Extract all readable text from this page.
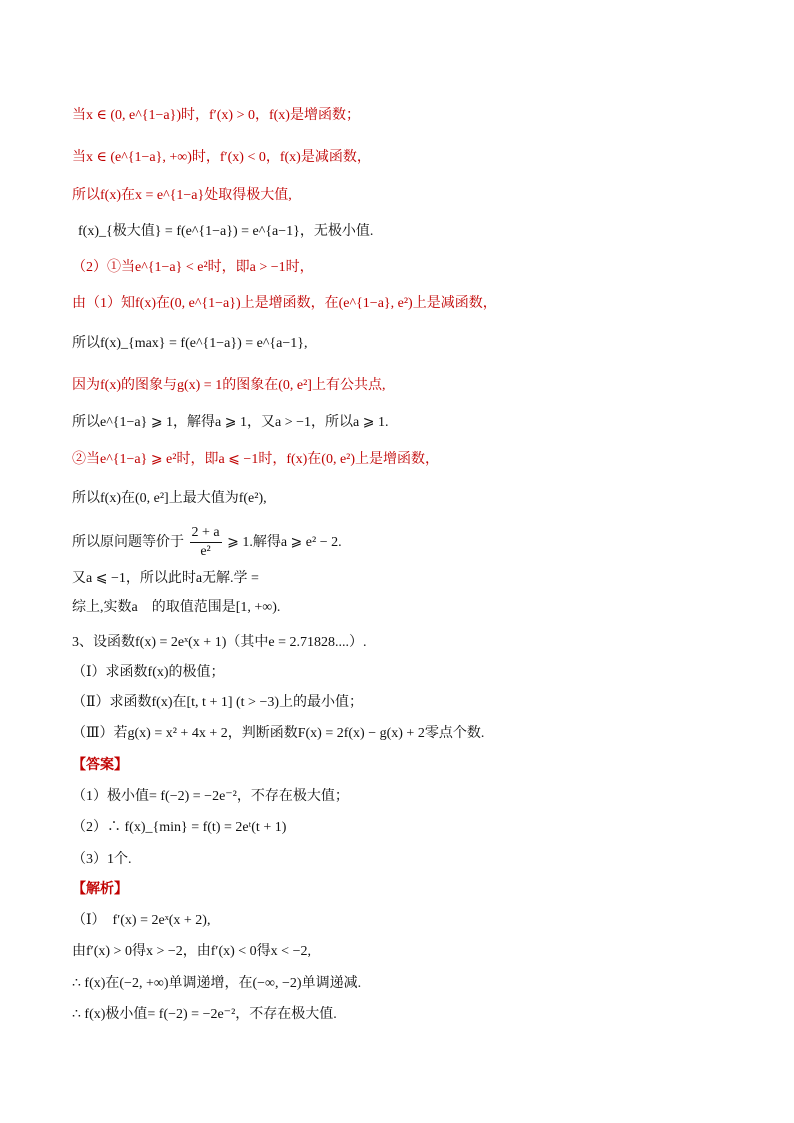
当x ∈ (0, e^{1−a})时，f′(x) > 0，f(x)是增函数；
当x ∈ (e^{1−a}, +∞)时，f′(x) < 0，f(x)是减函数，
所以f(x)在x = e^{1−a}处取得极大值,
f(x)_{极大值} = f(e^{1−a}) = e^{a−1}，无极小值.
（2）①当e^{1−a} < e²时，即a > −1时，
由（1）知f(x)在(0, e^{1−a})上是增函数，在(e^{1−a}, e²)上是减函数，
所以f(x)_{max} = f(e^{1−a}) = e^{a−1},
因为f(x)的图象与g(x) = 1的图象在(0, e²]上有公共点,
所以e^{1−a} ⩾ 1，解得a ⩾ 1，又a > −1，所以a ⩾ 1.
②当e^{1−a} ⩾ e²时，即a ⩽ −1时，f(x)在(0, e²)上是增函数，
所以f(x)在(0, e²]上最大值为f(e²),
所以原问题等价于 $\frac{2 + a}{\text{e²}}$ ⩾ 1.解得a ⩾ e² − 2.
又a ⩽ −1，所以此时a无解.学 =
综上,实数a　的取值范围是[1, +∞).
3、设函数f(x) = 2eˣ(x + 1)（其中e = 2.71828....）.
（Ⅰ）求函数f(x)的极值；
（Ⅱ）求函数f(x)在[t, t + 1] (t > −3)上的最小值；
（Ⅲ）若g(x) = x² + 4x + 2，判断函数F(x) = 2f(x) − g(x) + 2零点个数.
【答案】
（1）极小值= f(−2) = −2e⁻²，不存在极大值；
（2）∴ f(x)_{min} = f(t) = 2eᵗ(t + 1)
（3）1个.
【解析】
（Ⅰ）　f′(x) = 2eˣ(x + 2),
由f′(x) > 0得x > −2，由f′(x) < 0得x < −2,
∴ f(x)在(−2, +∞)单调递增，在(−∞, −2)单调递减.
∴ f(x)极小值= f(−2) = −2e⁻²，不存在极大值.
